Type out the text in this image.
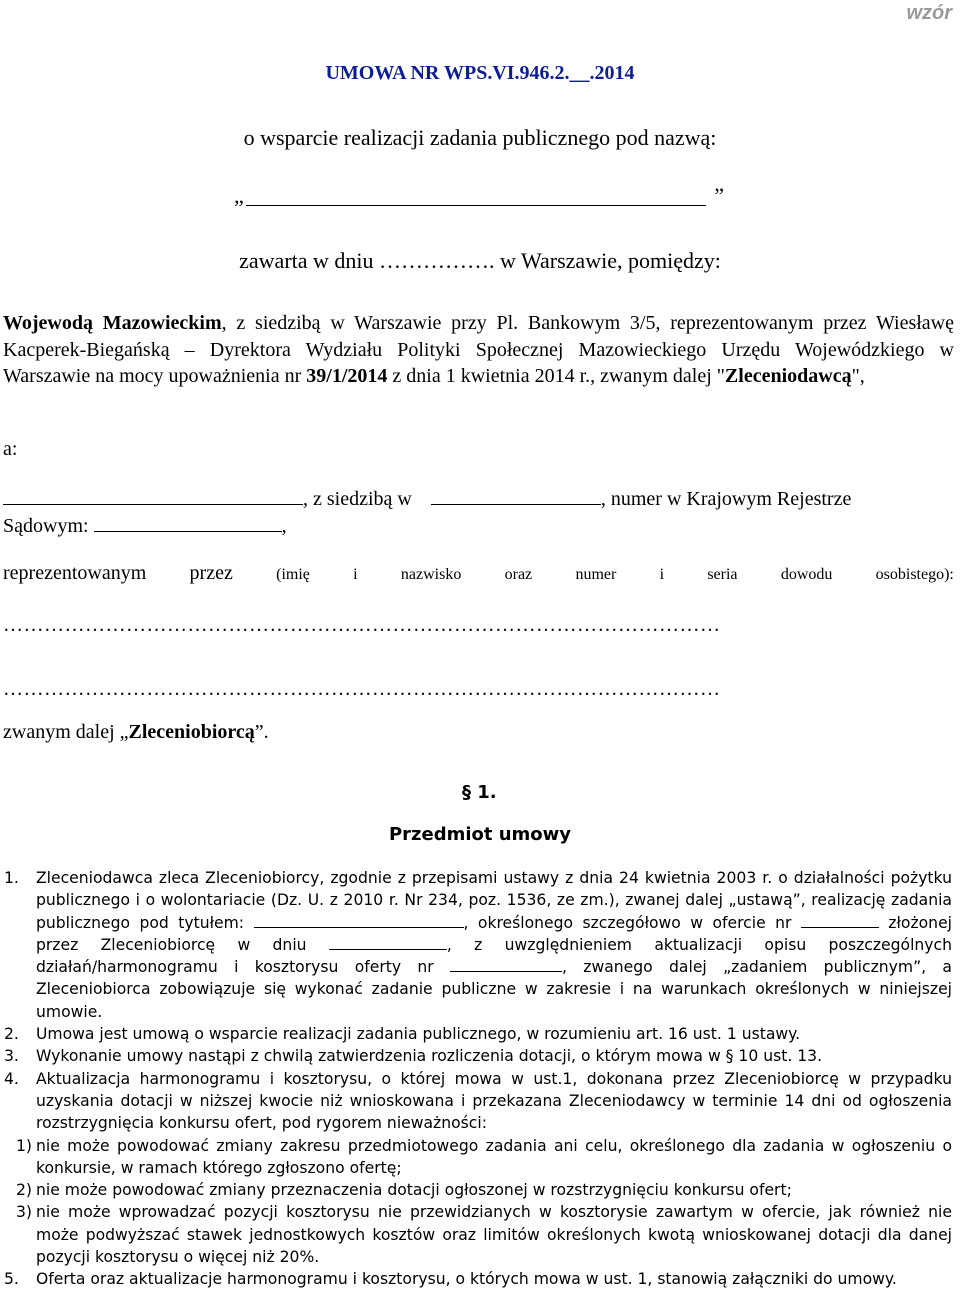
wzór
UMOWA NR WPS.VI.946.2.__.2014
o wsparcie realizacji zadania publicznego pod nazwą:
„	”
zawarta w dniu ……………. w Warszawie, pomiędzy:
Wojewodą Mazowieckim, z siedzibą w Warszawie przy Pl. Bankowym 3/5, reprezentowanym przez Wiesławę Kacperek-Biegańską – Dyrektora Wydziału Polityki Społecznej Mazowieckiego Urzędu Wojewódzkiego w Warszawie na mocy upoważnienia nr 39/1/2014 z dnia 1 kwietnia 2014 r., zwanym dalej "Zleceniodawcą",
a:
, z siedzibą w	, numer w Krajowym Rejestrze
Sądowym:	,
reprezentowanym przez	(imię	i	nazwisko	oraz	numer	i	seria	dowodu	osobistego):
……………………………………………………………………………………………
……………………………………………………………………………………………
zwanym dalej „Zleceniobiorcą”.
§ 1.
Przedmiot umowy
1. Zleceniodawca zleca Zleceniobiorcy, zgodnie z przepisami ustawy z dnia 24 kwietnia 2003 r. o działalności pożytku publicznego i o wolontariacie (Dz. U. z 2010 r. Nr 234, poz. 1536, ze zm.), zwanej dalej „ustawą”, realizację zadania publicznego pod tytułem:	, określonego szczegółowo w ofercie nr	złożonej przez Zleceniobiorcę w dniu	, z uwzględnieniem aktualizacji opisu poszczególnych działań/harmonogramu i kosztorysu oferty nr	, zwanego dalej „zadaniem publicznym”, a Zleceniobiorca zobowiązuje się wykonać zadanie publiczne w zakresie i na warunkach określonych w niniejszej umowie.
2. Umowa jest umową o wsparcie realizacji zadania publicznego, w rozumieniu art. 16 ust. 1 ustawy.
3. Wykonanie umowy nastąpi z chwilą zatwierdzenia rozliczenia dotacji, o którym mowa w § 10 ust. 13.
4. Aktualizacja harmonogramu i kosztorysu, o której mowa w ust.1, dokonana przez Zleceniobiorcę w przypadku uzyskania dotacji w niższej kwocie niż wnioskowana i przekazana Zleceniodawcy w terminie 14 dni od ogłoszenia rozstrzygnięcia konkursu ofert, pod rygorem nieważności:
1) nie może powodować zmiany zakresu przedmiotowego zadania ani celu, określonego dla zadania w ogłoszeniu o konkursie, w ramach którego zgłoszono ofertę;
2) nie może powodować zmiany przeznaczenia dotacji ogłoszonej w rozstrzygnięciu konkursu ofert;
3) nie może wprowadzać pozycji kosztorysu nie przewidzianych w kosztorysie zawartym w ofercie, jak również nie może podwyższać stawek jednostkowych kosztów oraz limitów określonych kwotą wnioskowanej dotacji dla danej pozycji kosztorysu o więcej niż 20%.
5. Oferta oraz aktualizacje harmonogramu i kosztorysu, o których mowa w ust. 1, stanowią załączniki do umowy.
